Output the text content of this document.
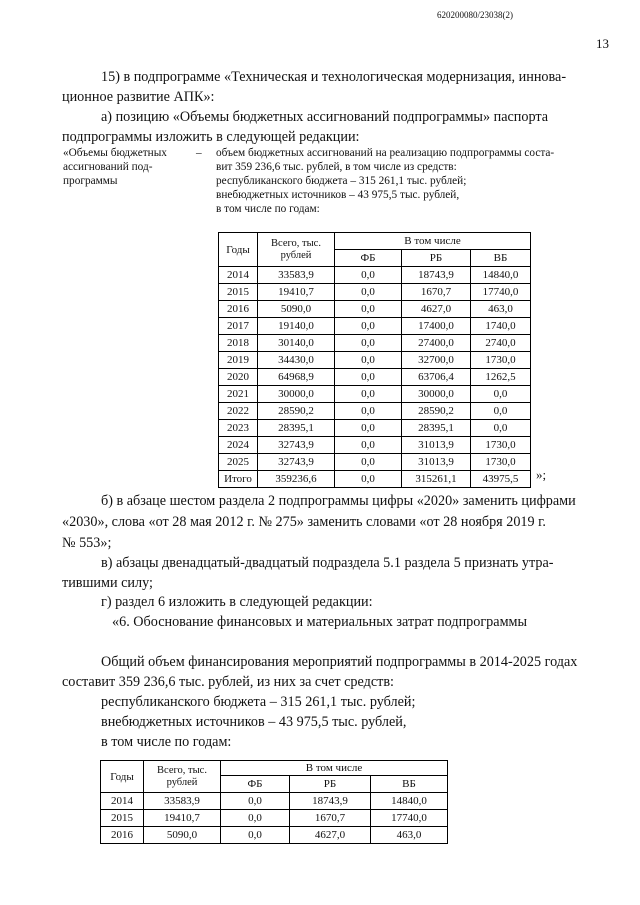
620200080/23038(2)
13
15) в подпрограмме «Техническая и технологическая модернизация, иннова-
ционное развитие АПК»:
а) позицию «Объемы бюджетных ассигнований подпрограммы» паспорта
подпрограммы изложить в следующей редакции:
«Объемы бюджетных
ассигнований под-
программы
– объем бюджетных ассигнований на реализацию подпрограммы соста-
вит 359 236,6 тыс. рублей, в том числе из средств:
республиканского бюджета – 315 261,1 тыс. рублей;
внебюджетных источников – 43 975,5 тыс. рублей,
в том числе по годам:
Годы	Всего, тыс. рублей	В том числе		
		ФБ	РБ	ВБ
2014	33583,9	0,0	18743,9	14840,0
2015	19410,7	0,0	1670,7	17740,0
2016	5090,0	0,0	4627,0	463,0
2017	19140,0	0,0	17400,0	1740,0
2018	30140,0	0,0	27400,0	2740,0
2019	34430,0	0,0	32700,0	1730,0
2020	64968,9	0,0	63706,4	1262,5
2021	30000,0	0,0	30000,0	0,0
2022	28590,2	0,0	28590,2	0,0
2023	28395,1	0,0	28395,1	0,0
2024	32743,9	0,0	31013,9	1730,0
2025	32743,9	0,0	31013,9	1730,0
Итого	359236,6	0,0	315261,1	43975,5 »;
б) в абзаце шестом раздела 2 подпрограммы цифры «2020» заменить цифрами
«2030», слова «от 28 мая 2012 г. № 275» заменить словами «от 28 ноября 2019 г.
№ 553»;
в) абзацы двенадцатый-двадцатый подраздела 5.1 раздела 5 признать утра-
тившими силу;
г) раздел 6 изложить в следующей редакции:
«6. Обоснование финансовых и материальных затрат подпрограммы
Общий объем финансирования мероприятий подпрограммы в 2014-2025 годах
составит 359 236,6 тыс. рублей, из них за счет средств:
республиканского бюджета – 315 261,1 тыс. рублей;
внебюджетных источников – 43 975,5 тыс. рублей,
в том числе по годам:
Годы	Всего, тыс. рублей	В том числе		
		ФБ	РБ	ВБ
2014	33583,9	0,0	18743,9	14840,0
2015	19410,7	0,0	1670,7	17740,0
2016	5090,0	0,0	4627,0	463,0
